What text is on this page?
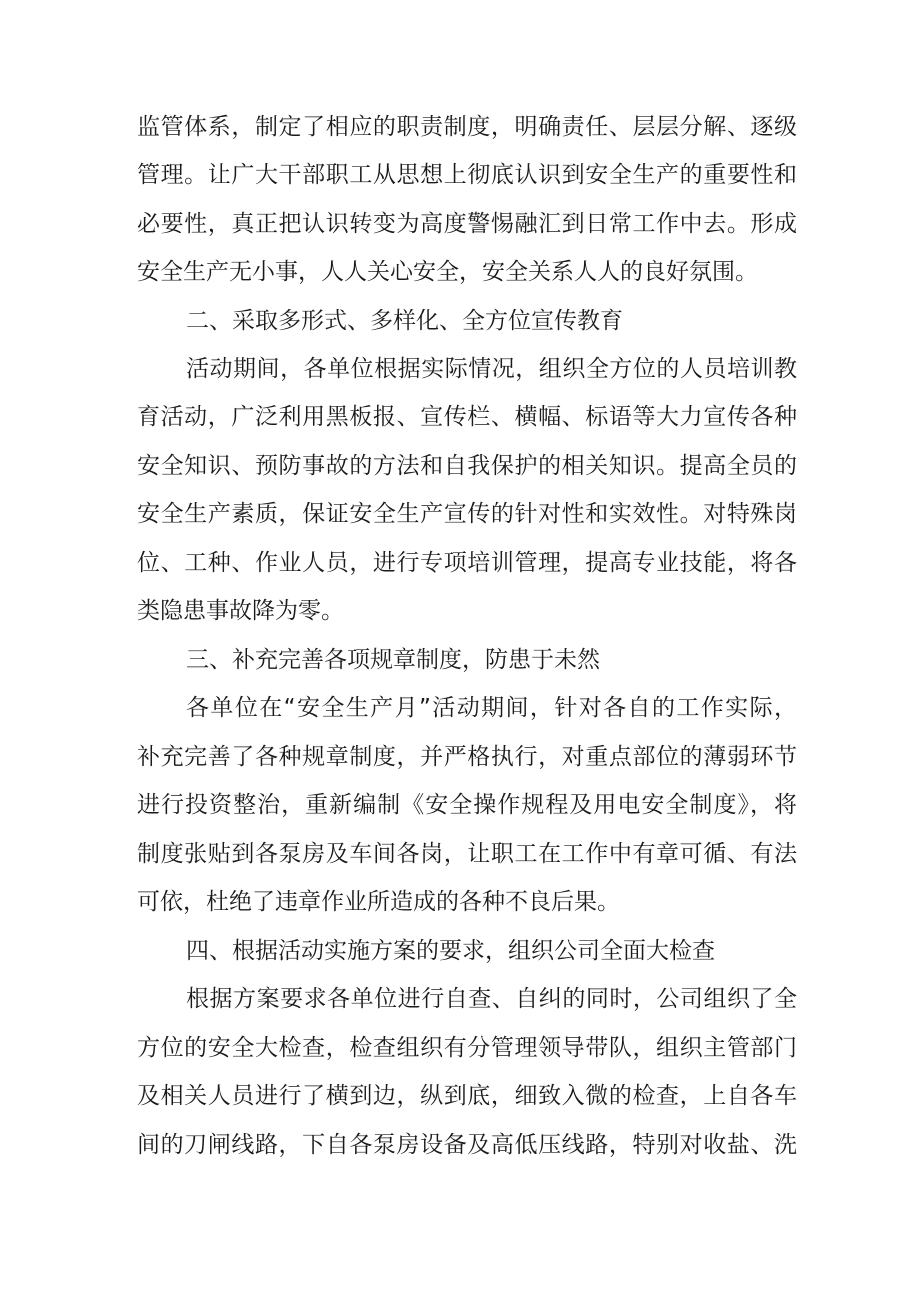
监管体系，制定了相应的职责制度，明确责任、层层分解、逐级
管理。让广大干部职工从思想上彻底认识到安全生产的重要性和
必要性，真正把认识转变为高度警惕融汇到日常工作中去。形成
安全生产无小事，人人关心安全，安全关系人人的良好氛围。
二、采取多形式、多样化、全方位宣传教育
活动期间，各单位根据实际情况，组织全方位的人员培训教
育活动，广泛利用黑板报、宣传栏、横幅、标语等大力宣传各种
安全知识、预防事故的方法和自我保护的相关知识。提高全员的
安全生产素质，保证安全生产宣传的针对性和实效性。对特殊岗
位、工种、作业人员，进行专项培训管理，提高专业技能，将各
类隐患事故降为零。
三、补充完善各项规章制度，防患于未然
各单位在“安全生产月”活动期间，针对各自的工作实际，
补充完善了各种规章制度，并严格执行，对重点部位的薄弱环节
进行投资整治，重新编制《安全操作规程及用电安全制度》，将
制度张贴到各泵房及车间各岗，让职工在工作中有章可循、有法
可依，杜绝了违章作业所造成的各种不良后果。
四、根据活动实施方案的要求，组织公司全面大检查
根据方案要求各单位进行自查、自纠的同时，公司组织了全
方位的安全大检查，检查组织有分管理领导带队，组织主管部门
及相关人员进行了横到边，纵到底，细致入微的检查，上自各车
间的刀闸线路，下自各泵房设备及高低压线路，特别对收盐、洗
